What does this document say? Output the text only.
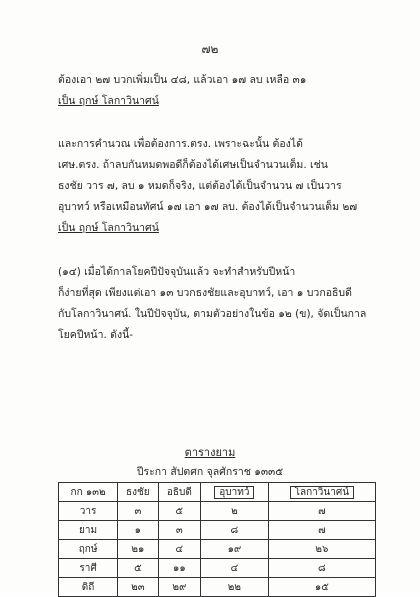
๗๒
ต้องเอา ๒๗ บวกเพิ่มเป็น ๔๘, แล้วเอา ๑๗ ลบ เหลือ ๓๑
เป็น ฤกษ์ โลกาวินาศน์
และการคำนวณ เพื่อต้องการ.ตรง. เพราะฉะนั้น ต้องได้
เศษ.ตรง. ถ้าลบกันหมดพอดีก็ต้องได้เศษเป็นจำนวนเต็ม. เช่น
ธงชัย วาร ๗, ลบ ๑ หมดก็จริง, แต่ต้องได้เป็นจำนวน ๗ เป็นวาร
อุบาทว์ หรือเหมือนทัศน์ ๑๗ เอา ๑๗ ลบ. ต้องได้เป็นจำนวนเต็ม ๒๗
เป็น ฤกษ์ โลกาวินาศน์
(๑๔) เมื่อได้กาลโยคปีปัจจุบันแล้ว จะทำสำหรับปีหน้า
ก็ง่ายที่สุด เพียงแต่เอา ๑๓ บวกธงชัยและอุบาทว์, เอา ๑ บวกอธิบดี
กับโลกาวินาศน์. ในปีปัจจุบัน, ตามตัวอย่างในข้อ ๑๒ (ข), จัดเป็นกาล
โยคปีหน้า. ดังนี้-
ตารางยาม
ปีระกา สัปตศก จุลศักราช ๑๓๓๕
กก ๑๓๒	ธงชัย	อธิบดี	อุบาทว์	โลกาวินาศน์
วาร	๓	๕	๒	๗
ยาม	๑	๓	๘	๗
ฤกษ์	๒๑	๔	๑๙	๒๖
ราศี	๕	๑๑	๔	๘
ดิถี	๒๓	๒๙	๒๒	๑๕
